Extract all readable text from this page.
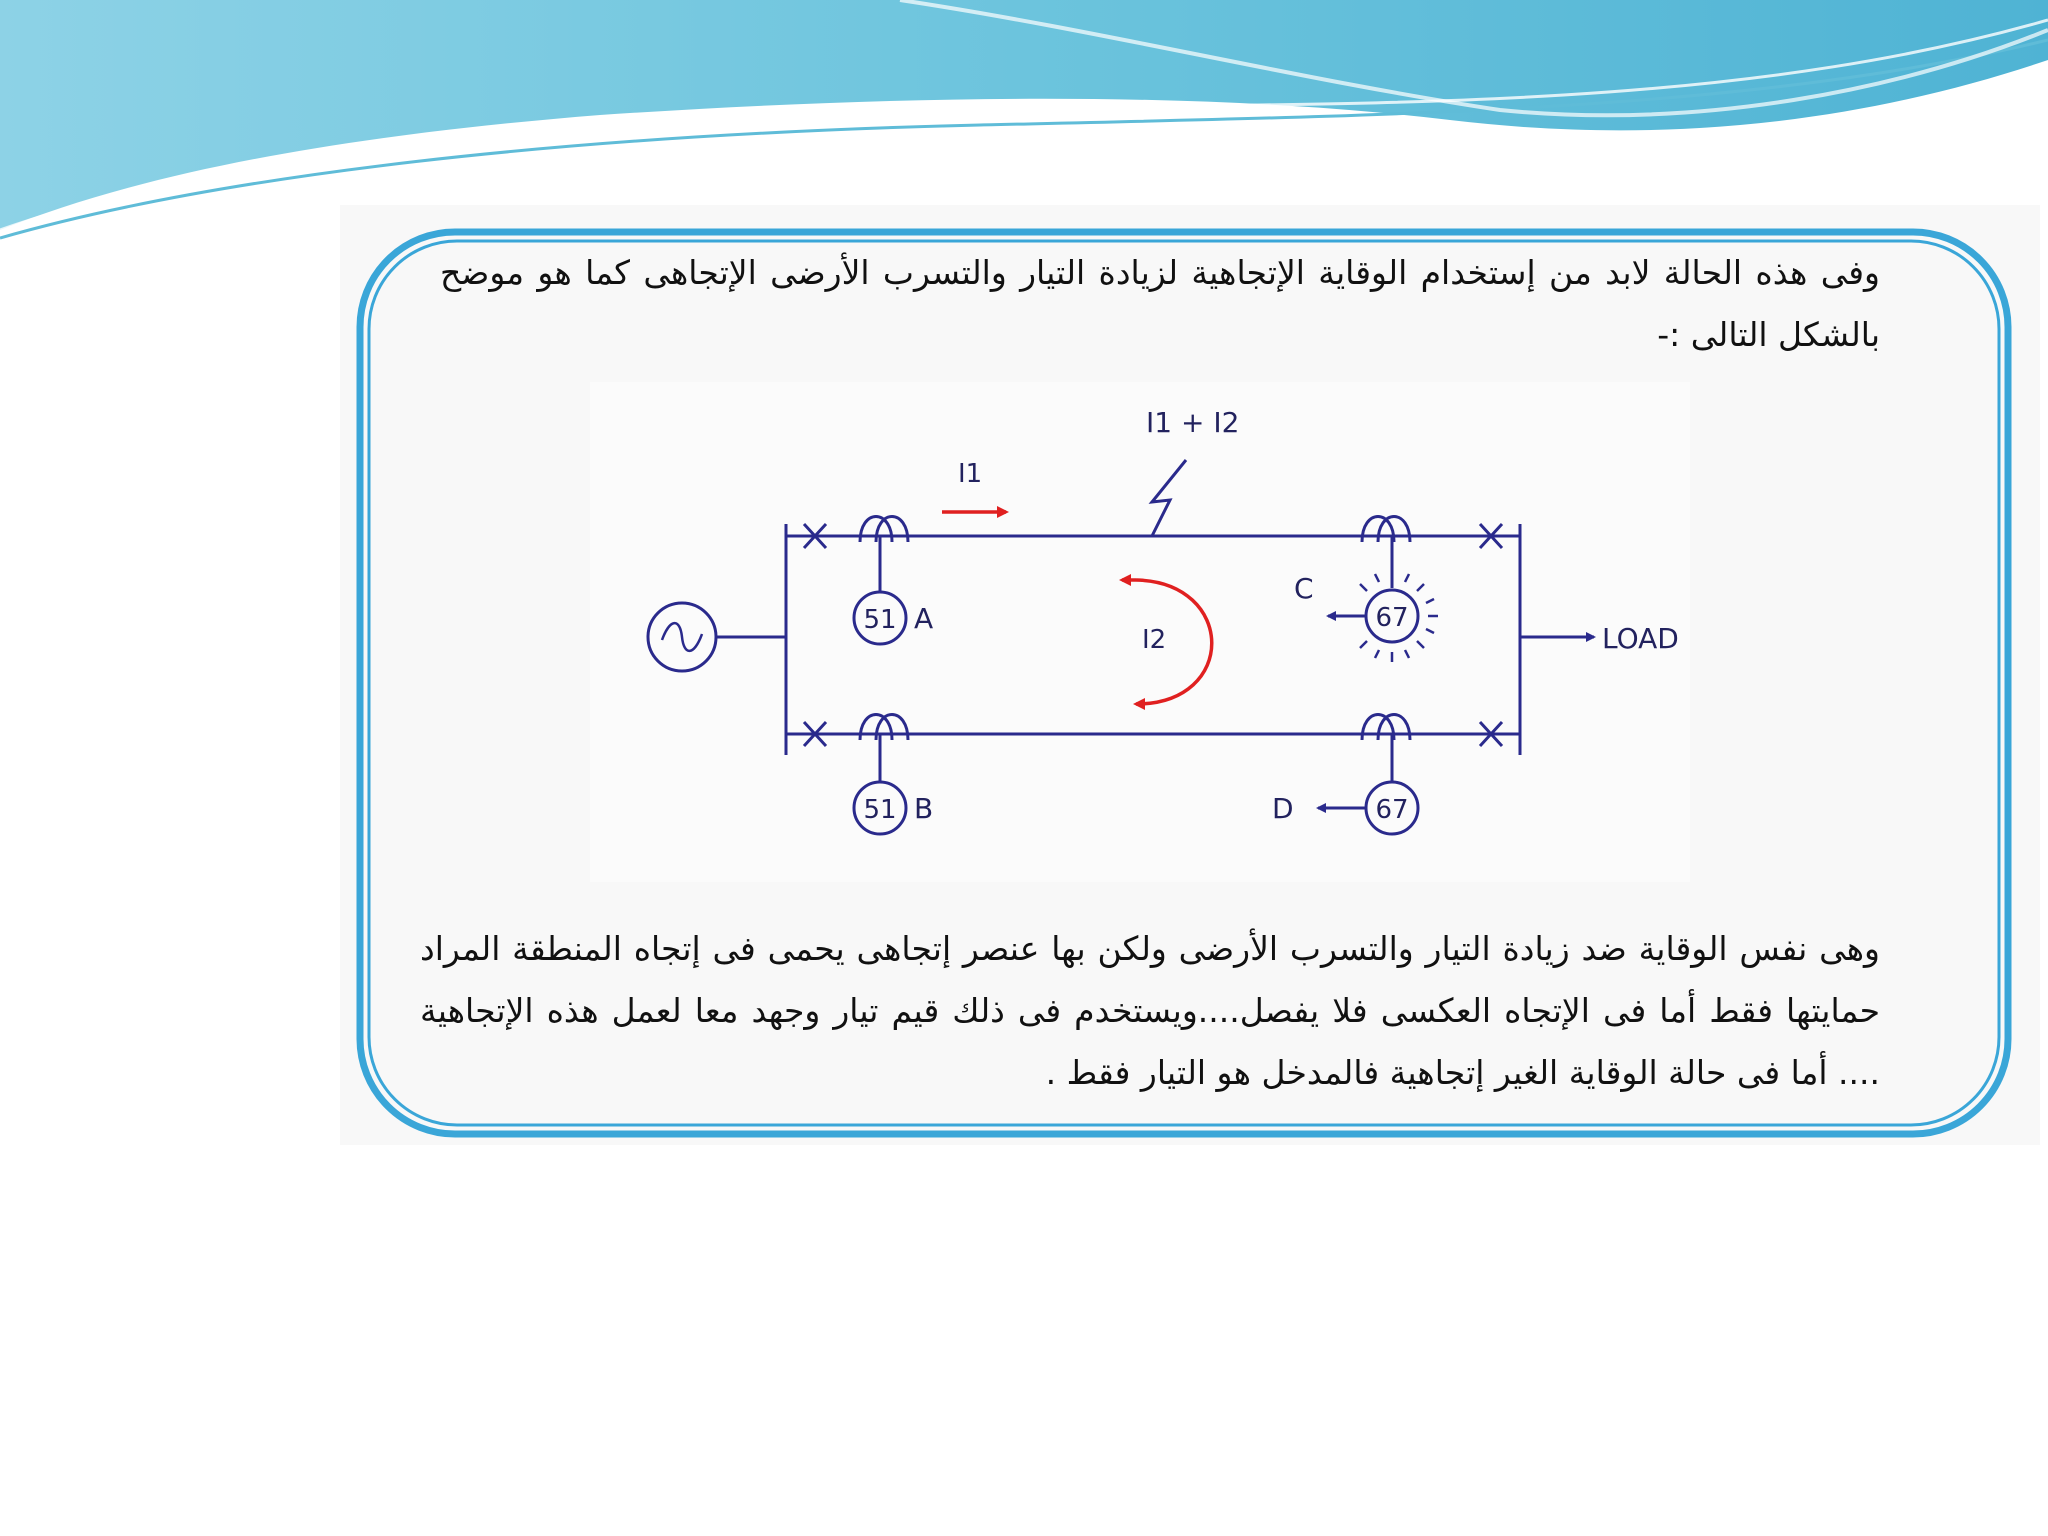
وفى هذه الحالة لابد من إستخدام الوقاية الإتجاهية لزيادة التيار والتسرب الأرضى الإتجاهى كما هو موضح بالشكل التالى :-

I1 + I2
I1
I2
51 A
51 B
67
C
67
D
LOAD

وهى نفس الوقاية ضد زيادة التيار والتسرب الأرضى ولكن بها عنصر إتجاهى يحمى فى إتجاه المنطقة المراد حمايتها فقط أما فى الإتجاه العكسى فلا يفصل....ويستخدم فى ذلك قيم تيار وجهد معا لعمل هذه الإتجاهية .... أما فى حالة الوقاية الغير إتجاهية فالمدخل هو التيار فقط .
